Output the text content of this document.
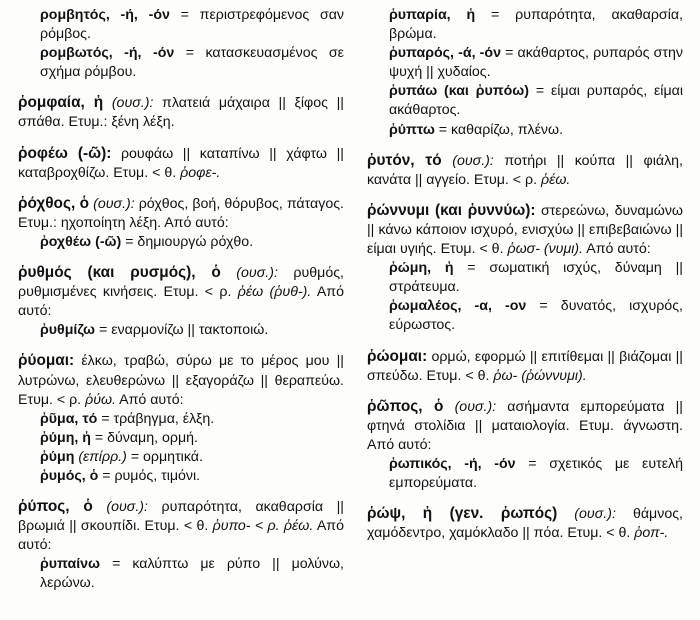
ρομβητός, -ή, -όν = περιστρεφόμενος σαν ρόμβος.
ρομβωτός, -ή, -όν = κατασκευασμένος σε σχήμα ρόμβου.
ῥομφαία, ἡ (ουσ.): πλατειά μάχαιρα || ξίφος || σπάθα. Ετυμ.: ξένη λέξη.
ῥοφέω (-ῶ): ρουφάω || καταπίνω || χάφτω || καταβροχθίζω. Ετυμ. < θ. ῥοφε-.
ῥόχθος, ὁ (ουσ.): ρόχθος, βοή, θόρυβος, πάταγος. Ετυμ.: ηχοποίητη λέξη. Από αυτό:
ῥοχθέω (-ῶ) = δημιουργώ ρόχθο.
ῥυθμός (και ρυσμός), ὁ (ουσ.): ρυθμός, ρυθμισμένες κινήσεις. Ετυμ. < ρ. ῥέω (ῥυθ-). Από αυτό:
ῥυθμίζω = εναρμονίζω || τακτοποιώ.
ῥύομαι: έλκω, τραβώ, σύρω με το μέρος μου || λυτρώνω, ελευθερώνω || εξαγοράζω || θεραπεύω. Ετυμ. < ρ. ῥύω. Από αυτό:
ῥῦμα, τό = τράβηγμα, έλξη.
ῥύμη, ἡ = δύναμη, ορμή.
ῥύμη (επίρρ.) = ορμητικά.
ῥυμός, ὁ = ρυμός, τιμόνι.
ῥύπος, ὁ (ουσ.): ρυπαρότητα, ακαθαρσία || βρωμιά || σκουπίδι. Ετυμ. < θ. ῥυπο- < ρ. ῥέω. Από αυτό:
ῥυπαίνω = καλύπτω με ρύπο || μολύνω, λερώνω.
ῥυπαρία, ἡ = ρυπαρότητα, ακαθαρσία, βρώμα.
ῥυπαρός, -ά, -όν = ακάθαρτος, ρυπαρός στην ψυχή || χυδαίος.
ῥυπάω (και ῥυπόω) = είμαι ρυπαρός, είμαι ακάθαρτος.
ῥύπτω = καθαρίζω, πλένω.
ῥυτόν, τό (ουσ.): ποτήρι || κούπα || φιάλη, κανάτα || αγγείο. Ετυμ. < ρ. ῥέω.
ῥώννυμι (και ῥυννύω): στερεώνω, δυναμώνω || κάνω κάποιον ισχυρό, ενισχύω || επιβεβαιώνω || είμαι υγιής. Ετυμ. < θ. ῥωσ- (νυμι). Από αυτό:
ῥώμη, ἡ = σωματική ισχύς, δύναμη || στράτευμα.
ῥωμαλέος, -α, -ον = δυνατός, ισχυρός, εύρωστος.
ῥώομαι: ορμώ, εφορμώ || επιτίθεμαι || βιάζομαι || σπεύδω. Ετυμ. < θ. ῥω- (ῥώννυμι).
ῥῶπος, ὁ (ουσ.): ασήμαντα εμπορεύματα || φτηνά στολίδια || ματαιολογία. Ετυμ. άγνωστη. Από αυτό:
ῥωπικός, -ή, -όν = σχετικός με ευτελή εμπορεύματα.
ῥώψ, ἡ (γεν. ῥωπός) (ουσ.): θάμνος, χαμόδεντρο, χαμόκλαδο || πόα. Ετυμ. < θ. ῥοπ-.
